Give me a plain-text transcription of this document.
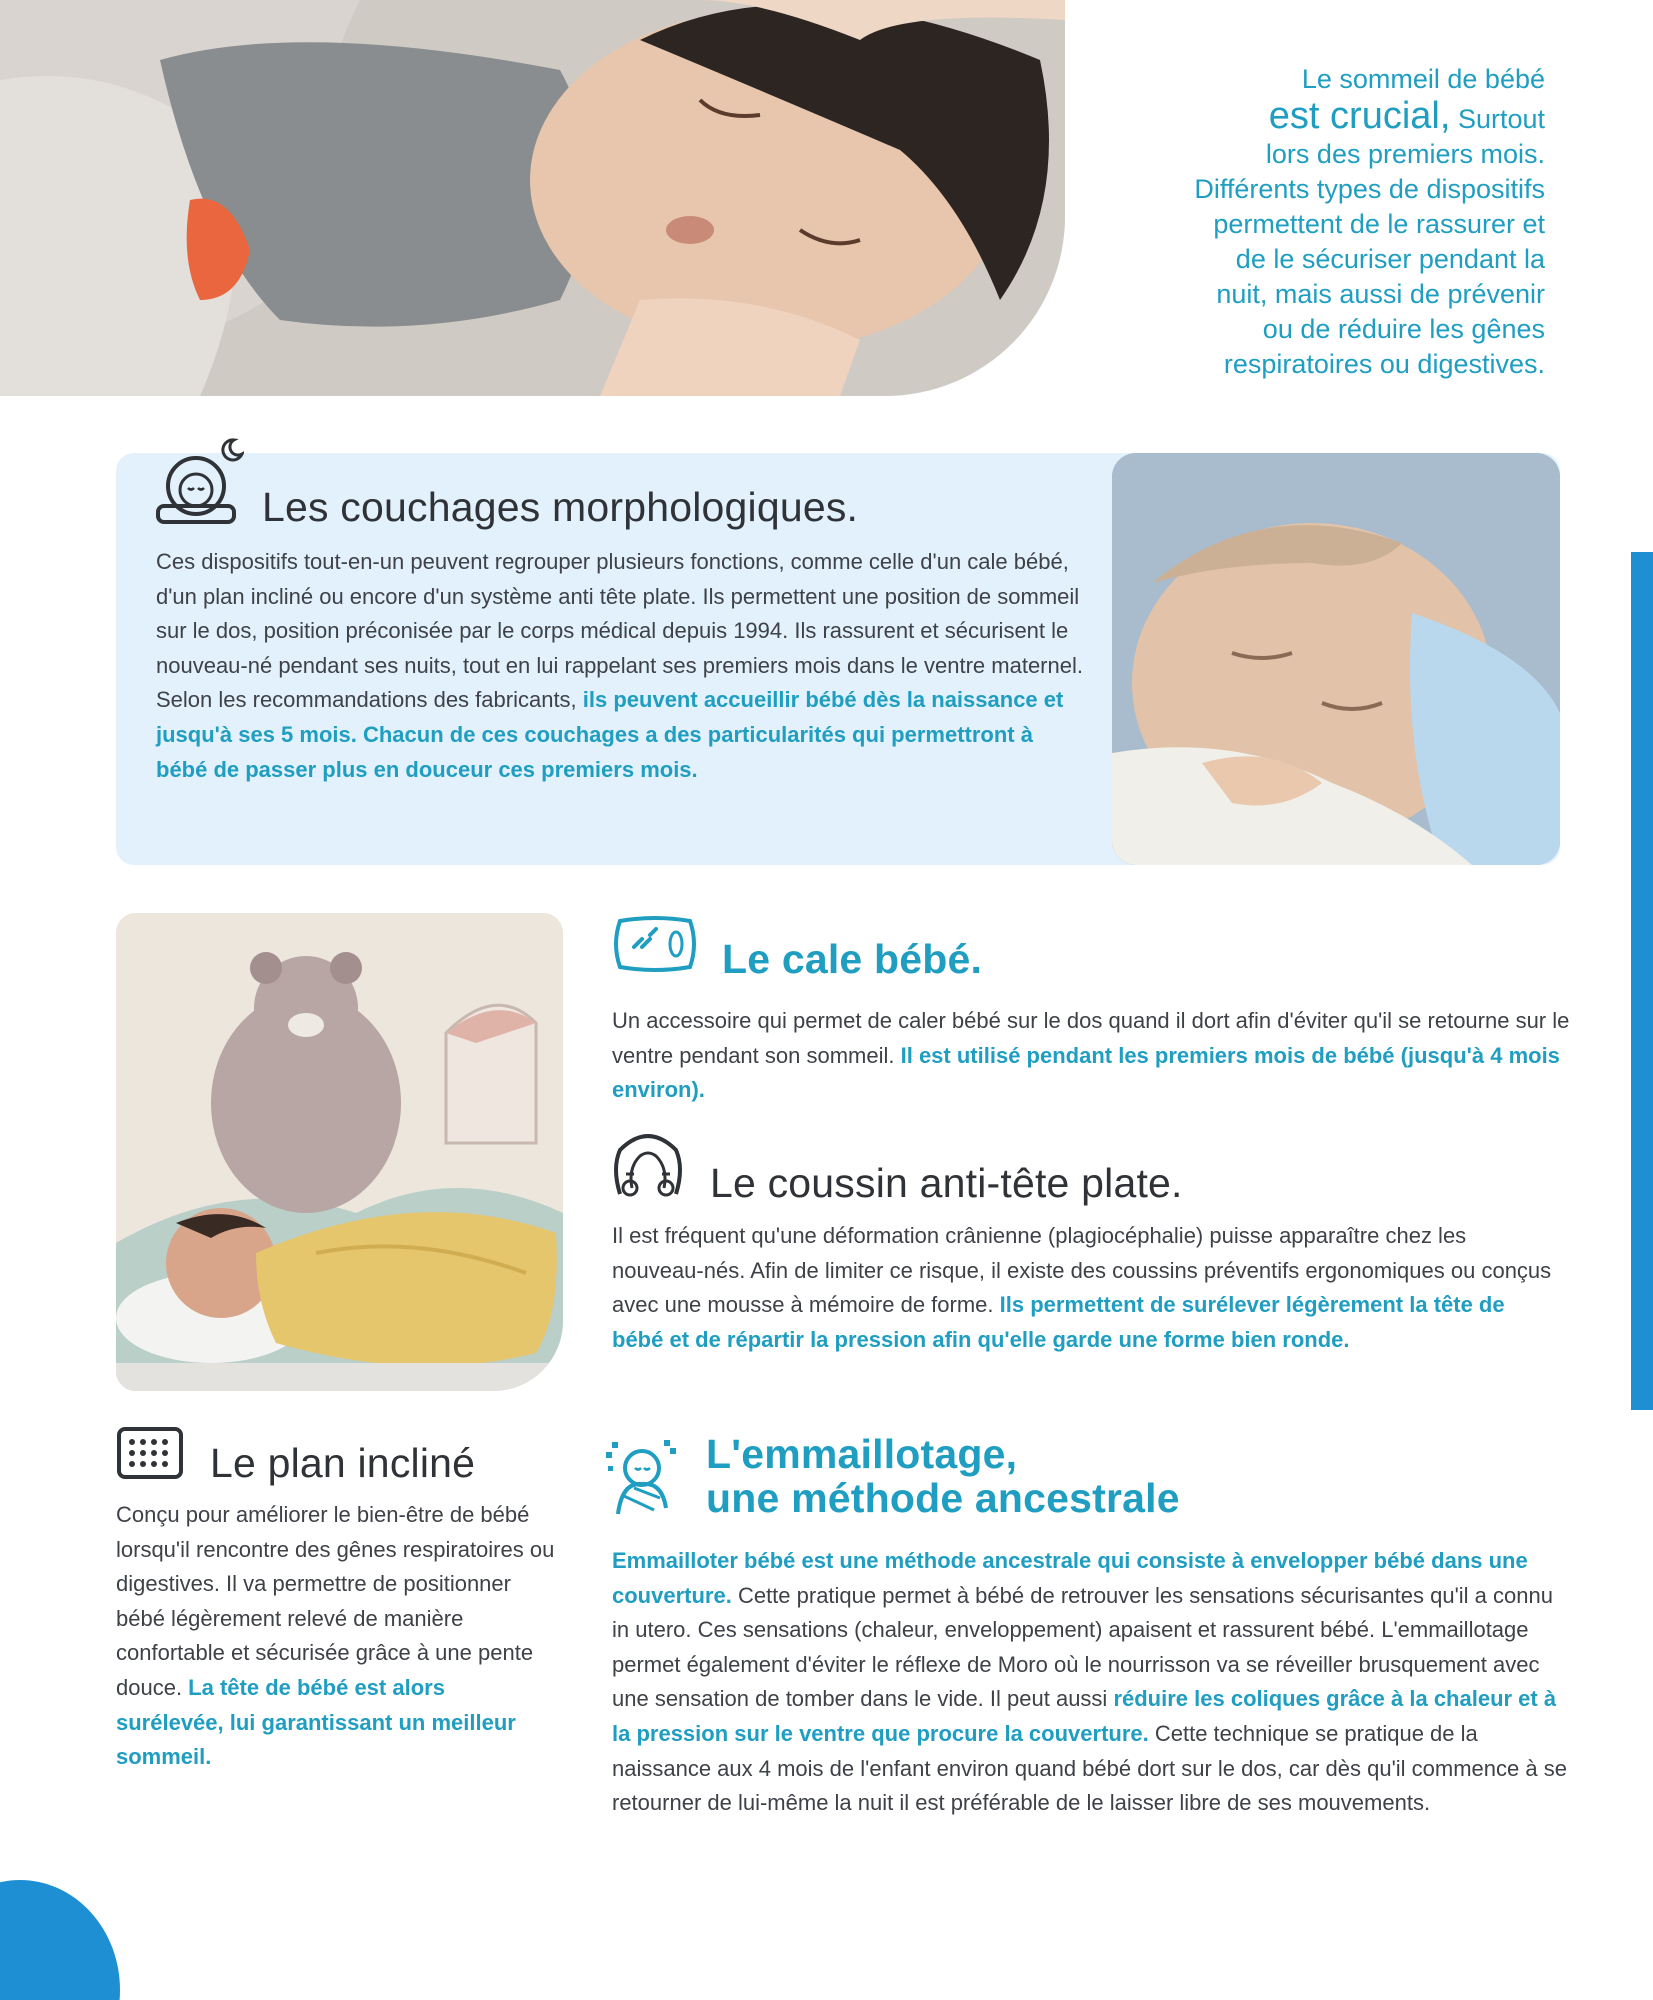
Le sommeil de bébé
est crucial, Surtout
lors des premiers mois.
Différents types de dispositifs
permettent de le rassurer et
de le sécuriser pendant la
nuit, mais aussi de prévenir
ou de réduire les gênes
respiratoires ou digestives.
Les couchages morphologiques.
Ces dispositifs tout-en-un peuvent regrouper plusieurs fonctions, comme celle d'un cale bébé, d'un plan incliné ou encore d'un système anti tête plate. Ils permettent une position de sommeil sur le dos, position préconisée par le corps médical depuis 1994. Ils rassurent et sécurisent le nouveau-né pendant ses nuits, tout en lui rappelant ses premiers mois dans le ventre maternel. Selon les recommandations des fabricants, ils peuvent accueillir bébé dès la naissance et jusqu'à ses 5 mois. Chacun de ces couchages a des particularités qui permettront à bébé de passer plus en douceur ces premiers mois.
Le cale bébé.
Un accessoire qui permet de caler bébé sur le dos quand il dort afin d'éviter qu'il se retourne sur le ventre pendant son sommeil. Il est utilisé pendant les premiers mois de bébé (jusqu'à 4 mois environ).
Le coussin anti-tête plate.
Il est fréquent qu'une déformation crânienne (plagiocéphalie) puisse apparaître chez les nouveau-nés. Afin de limiter ce risque, il existe des coussins préventifs ergonomiques ou conçus avec une mousse à mémoire de forme. Ils permettent de surélever légèrement la tête de bébé et de répartir la pression afin qu'elle garde une forme bien ronde.
Le plan incliné
Conçu pour améliorer le bien-être de bébé lorsqu'il rencontre des gênes respiratoires ou digestives. Il va permettre de positionner bébé légèrement relevé de manière confortable et sécurisée grâce à une pente douce. La tête de bébé est alors surélevée, lui garantissant un meilleur sommeil.
L'emmaillotage,
une méthode ancestrale
Emmailloter bébé est une méthode ancestrale qui consiste à envelopper bébé dans une couverture. Cette pratique permet à bébé de retrouver les sensations sécurisantes qu'il a connu in utero. Ces sensations (chaleur, enveloppement) apaisent et rassurent bébé. L'emmaillotage permet également d'éviter le réflexe de Moro où le nourrisson va se réveiller brusquement avec une sensation de tomber dans le vide. Il peut aussi réduire les coliques grâce à la chaleur et à la pression sur le ventre que procure la couverture. Cette technique se pratique de la naissance aux 4 mois de l'enfant environ quand bébé dort sur le dos, car dès qu'il commence à se retourner de lui-même la nuit il est préférable de le laisser libre de ses mouvements.
